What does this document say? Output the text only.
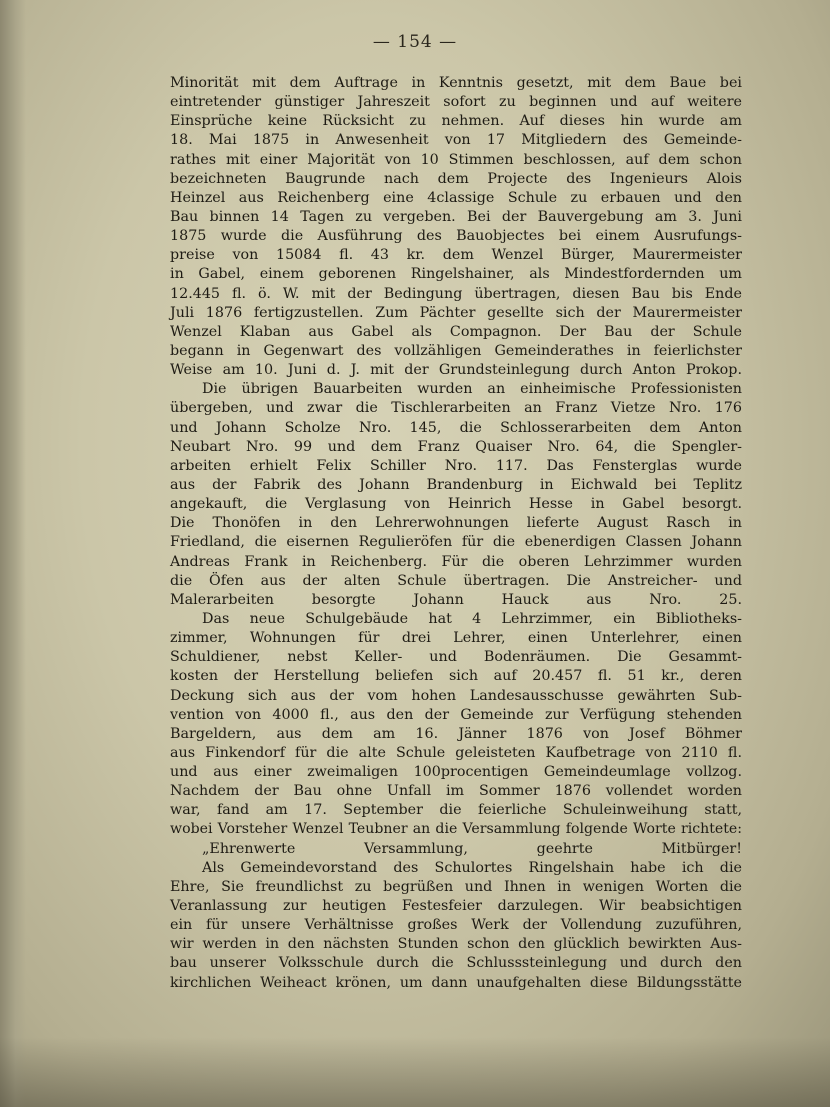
— 154 —
Minorität mit dem Auftrage in Kenntnis gesetzt, mit dem Baue bei
eintretender günstiger Jahreszeit sofort zu beginnen und auf weitere
Einsprüche keine Rücksicht zu nehmen. Auf dieses hin wurde am
18. Mai 1875 in Anwesenheit von 17 Mitgliedern des Gemeinde-
rathes mit einer Majorität von 10 Stimmen beschlossen, auf dem schon
bezeichneten Baugrunde nach dem Projecte des Ingenieurs Alois
Heinzel aus Reichenberg eine 4classige Schule zu erbauen und den
Bau binnen 14 Tagen zu vergeben. Bei der Bauvergebung am 3. Juni
1875 wurde die Ausführung des Bauobjectes bei einem Ausrufungs-
preise von 15084 fl. 43 kr. dem Wenzel Bürger, Maurermeister
in Gabel, einem geborenen Ringelshainer, als Mindestfordernden um
12.445 fl. ö. W. mit der Bedingung übertragen, diesen Bau bis Ende
Juli 1876 fertigzustellen. Zum Pächter gesellte sich der Maurermeister
Wenzel Klaban aus Gabel als Compagnon. Der Bau der Schule
begann in Gegenwart des vollzähligen Gemeinderathes in feierlichster
Weise am 10. Juni d. J. mit der Grundsteinlegung durch Anton Prokop.
Die übrigen Bauarbeiten wurden an einheimische Professionisten
übergeben, und zwar die Tischlerarbeiten an Franz Vietze Nro. 176
und Johann Scholze Nro. 145, die Schlosserarbeiten dem Anton
Neubart Nro. 99 und dem Franz Quaiser Nro. 64, die Spengler-
arbeiten erhielt Felix Schiller Nro. 117. Das Fensterglas wurde
aus der Fabrik des Johann Brandenburg in Eichwald bei Teplitz
angekauft, die Verglasung von Heinrich Hesse in Gabel besorgt.
Die Thonöfen in den Lehrerwohnungen lieferte August Rasch in
Friedland, die eisernen Regulieröfen für die ebenerdigen Classen Johann
Andreas Frank in Reichenberg. Für die oberen Lehrzimmer wurden
die Öfen aus der alten Schule übertragen. Die Anstreicher- und
Malerarbeiten besorgte Johann Hauck aus Nro. 25.
Das neue Schulgebäude hat 4 Lehrzimmer, ein Bibliotheks-
zimmer, Wohnungen für drei Lehrer, einen Unterlehrer, einen
Schuldiener, nebst Keller- und Bodenräumen. Die Gesammt-
kosten der Herstellung beliefen sich auf 20.457 fl. 51 kr., deren
Deckung sich aus der vom hohen Landesausschusse gewährten Sub-
vention von 4000 fl., aus den der Gemeinde zur Verfügung stehenden
Bargeldern, aus dem am 16. Jänner 1876 von Josef Böhmer
aus Finkendorf für die alte Schule geleisteten Kaufbetrage von 2110 fl.
und aus einer zweimaligen 100procentigen Gemeindeumlage vollzog.
Nachdem der Bau ohne Unfall im Sommer 1876 vollendet worden
war, fand am 17. September die feierliche Schuleinweihung statt,
wobei Vorsteher Wenzel Teubner an die Versammlung folgende Worte richtete:
„Ehrenwerte Versammlung, geehrte Mitbürger!
Als Gemeindevorstand des Schulortes Ringelshain habe ich die
Ehre, Sie freundlichst zu begrüßen und Ihnen in wenigen Worten die
Veranlassung zur heutigen Festesfeier darzulegen. Wir beabsichtigen
ein für unsere Verhältnisse großes Werk der Vollendung zuzuführen,
wir werden in den nächsten Stunden schon den glücklich bewirkten Aus-
bau unserer Volksschule durch die Schlusssteinlegung und durch den
kirchlichen Weiheact krönen, um dann unaufgehalten diese Bildungsstätte
